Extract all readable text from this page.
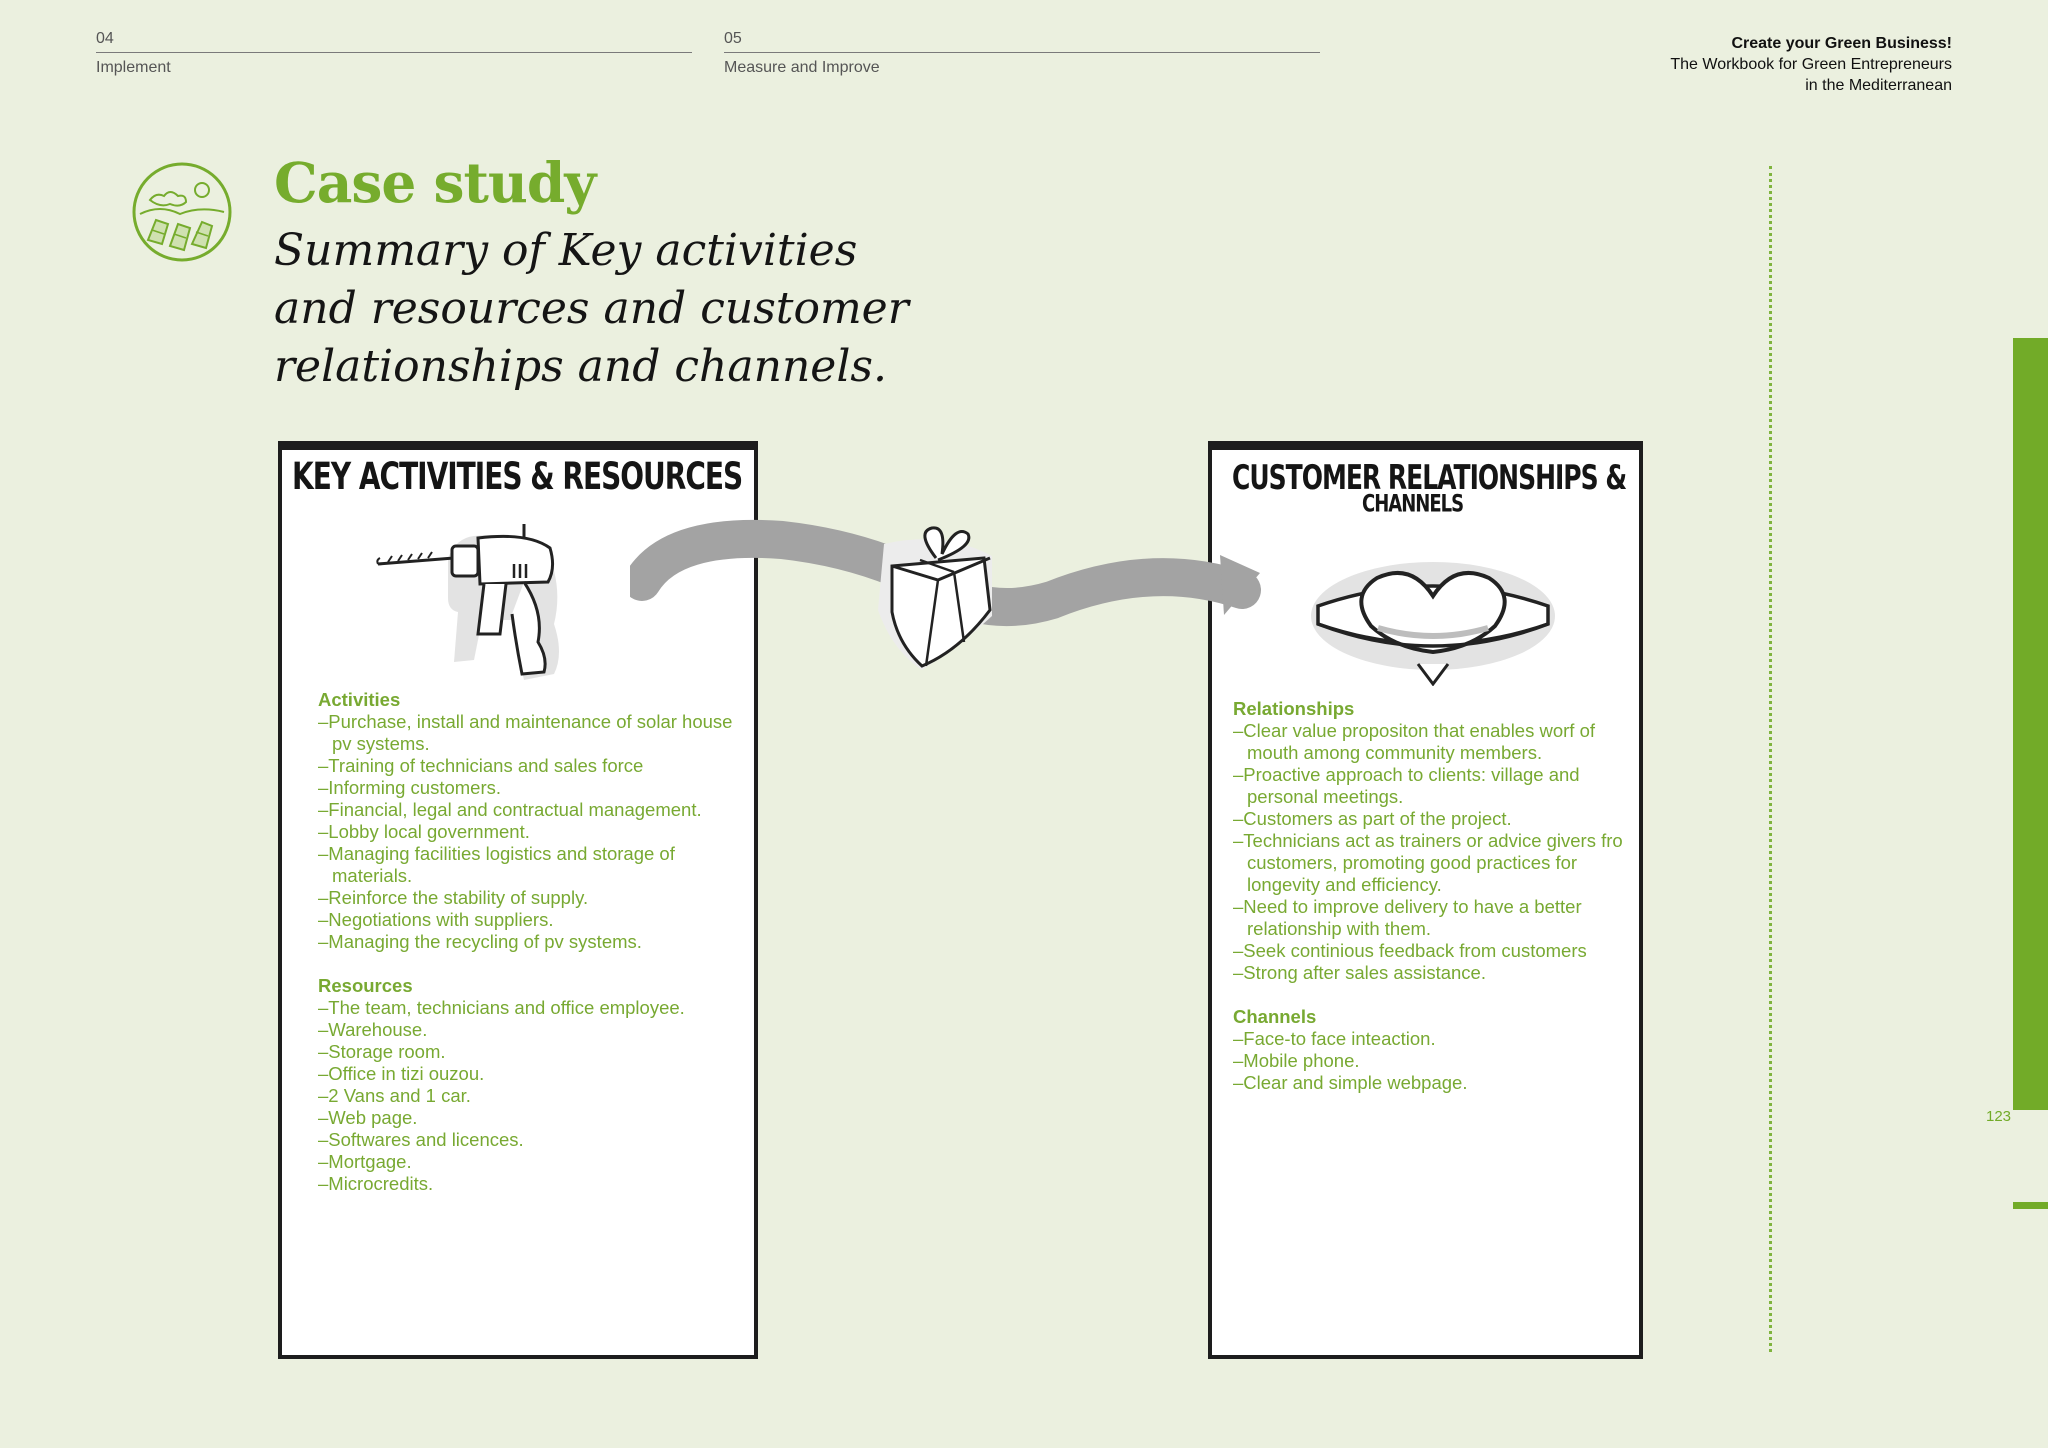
04
Implement
05
Measure and Improve
Create your Green Business!
The Workbook for Green Entrepreneurs
in the Mediterranean
Case study
Summary of Key activities
and resources and customer
relationships and channels.
123
KEY ACTIVITIES & RESOURCES
Activities
–Purchase, install and maintenance of solar house pv systems.
–Training of technicians and sales force
–Informing customers.
–Financial, legal and contractual management.
–Lobby local government.
–Managing facilities logistics and storage of materials.
–Reinforce the stability of supply.
–Negotiations with suppliers.
–Managing the recycling of pv systems.
Resources
–The team, technicians and office employee.
–Warehouse.
–Storage room.
–Office in tizi ouzou.
–2 Vans and 1 car.
–Web page.
–Softwares and licences.
–Mortgage.
–Microcredits.
CUSTOMER RELATIONSHIPS &
CHANNELS
Relationships
–Clear value propositon that enables worf of mouth among community members.
–Proactive approach to clients: village and personal meetings.
–Customers as part of the project.
–Technicians act as trainers or advice givers fro customers, promoting good practices for longevity and efficiency.
–Need to improve delivery to have a better relationship with them.
–Seek continious feedback from customers
–Strong after sales assistance.
Channels
–Face-to face inteaction.
–Mobile phone.
–Clear and simple webpage.
